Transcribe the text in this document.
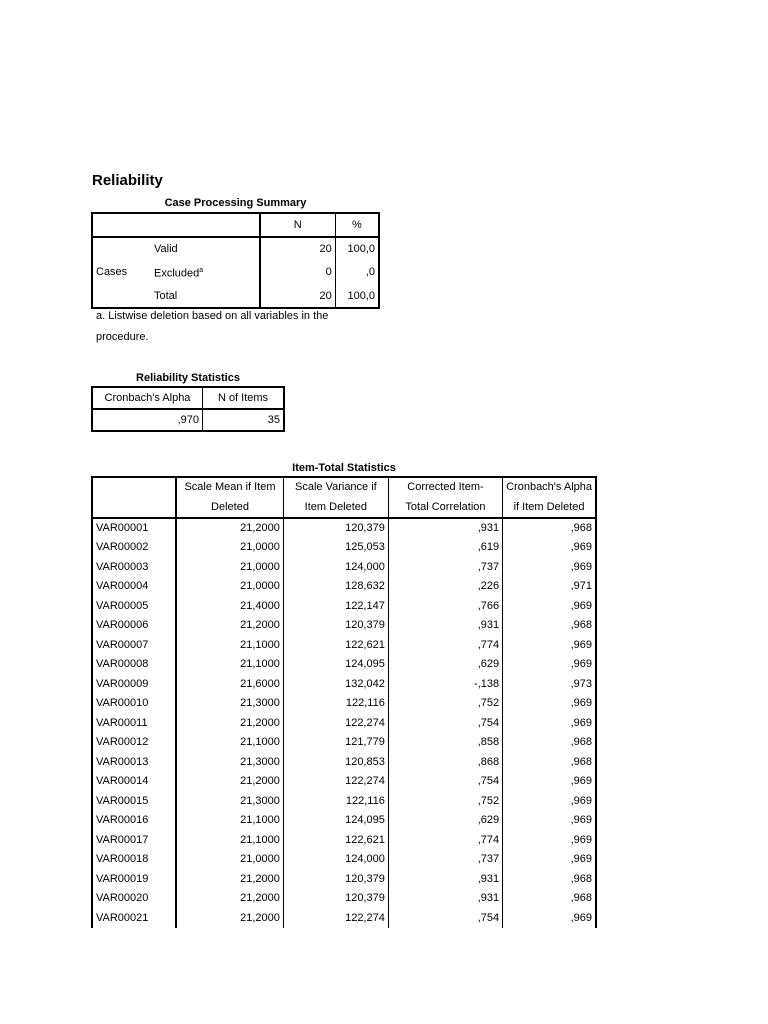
Reliability
Case Processing Summary
		N	%
Cases	Valid	20	100,0
	Excluded$^a$	0	,0
	Total	20	100,0
a. Listwise deletion based on all variables in the
procedure.
Reliability Statistics
Cronbach's Alpha	N of Items
,970	35
Item-Total Statistics
	Scale Mean if Item	Scale Variance if	Corrected Item-	Cronbach's Alpha
	Deleted	Item Deleted	Total Correlation	if Item Deleted
VAR00001	21,2000	120,379	,931	,968
VAR00002	21,0000	125,053	,619	,969
VAR00003	21,0000	124,000	,737	,969
VAR00004	21,0000	128,632	,226	,971
VAR00005	21,4000	122,147	,766	,969
VAR00006	21,2000	120,379	,931	,968
VAR00007	21,1000	122,621	,774	,969
VAR00008	21,1000	124,095	,629	,969
VAR00009	21,6000	132,042	-,138	,973
VAR00010	21,3000	122,116	,752	,969
VAR00011	21,2000	122,274	,754	,969
VAR00012	21,1000	121,779	,858	,968
VAR00013	21,3000	120,853	,868	,968
VAR00014	21,2000	122,274	,754	,969
VAR00015	21,3000	122,116	,752	,969
VAR00016	21,1000	124,095	,629	,969
VAR00017	21,1000	122,621	,774	,969
VAR00018	21,0000	124,000	,737	,969
VAR00019	21,2000	120,379	,931	,968
VAR00020	21,2000	120,379	,931	,968
VAR00021	21,2000	122,274	,754	,969
